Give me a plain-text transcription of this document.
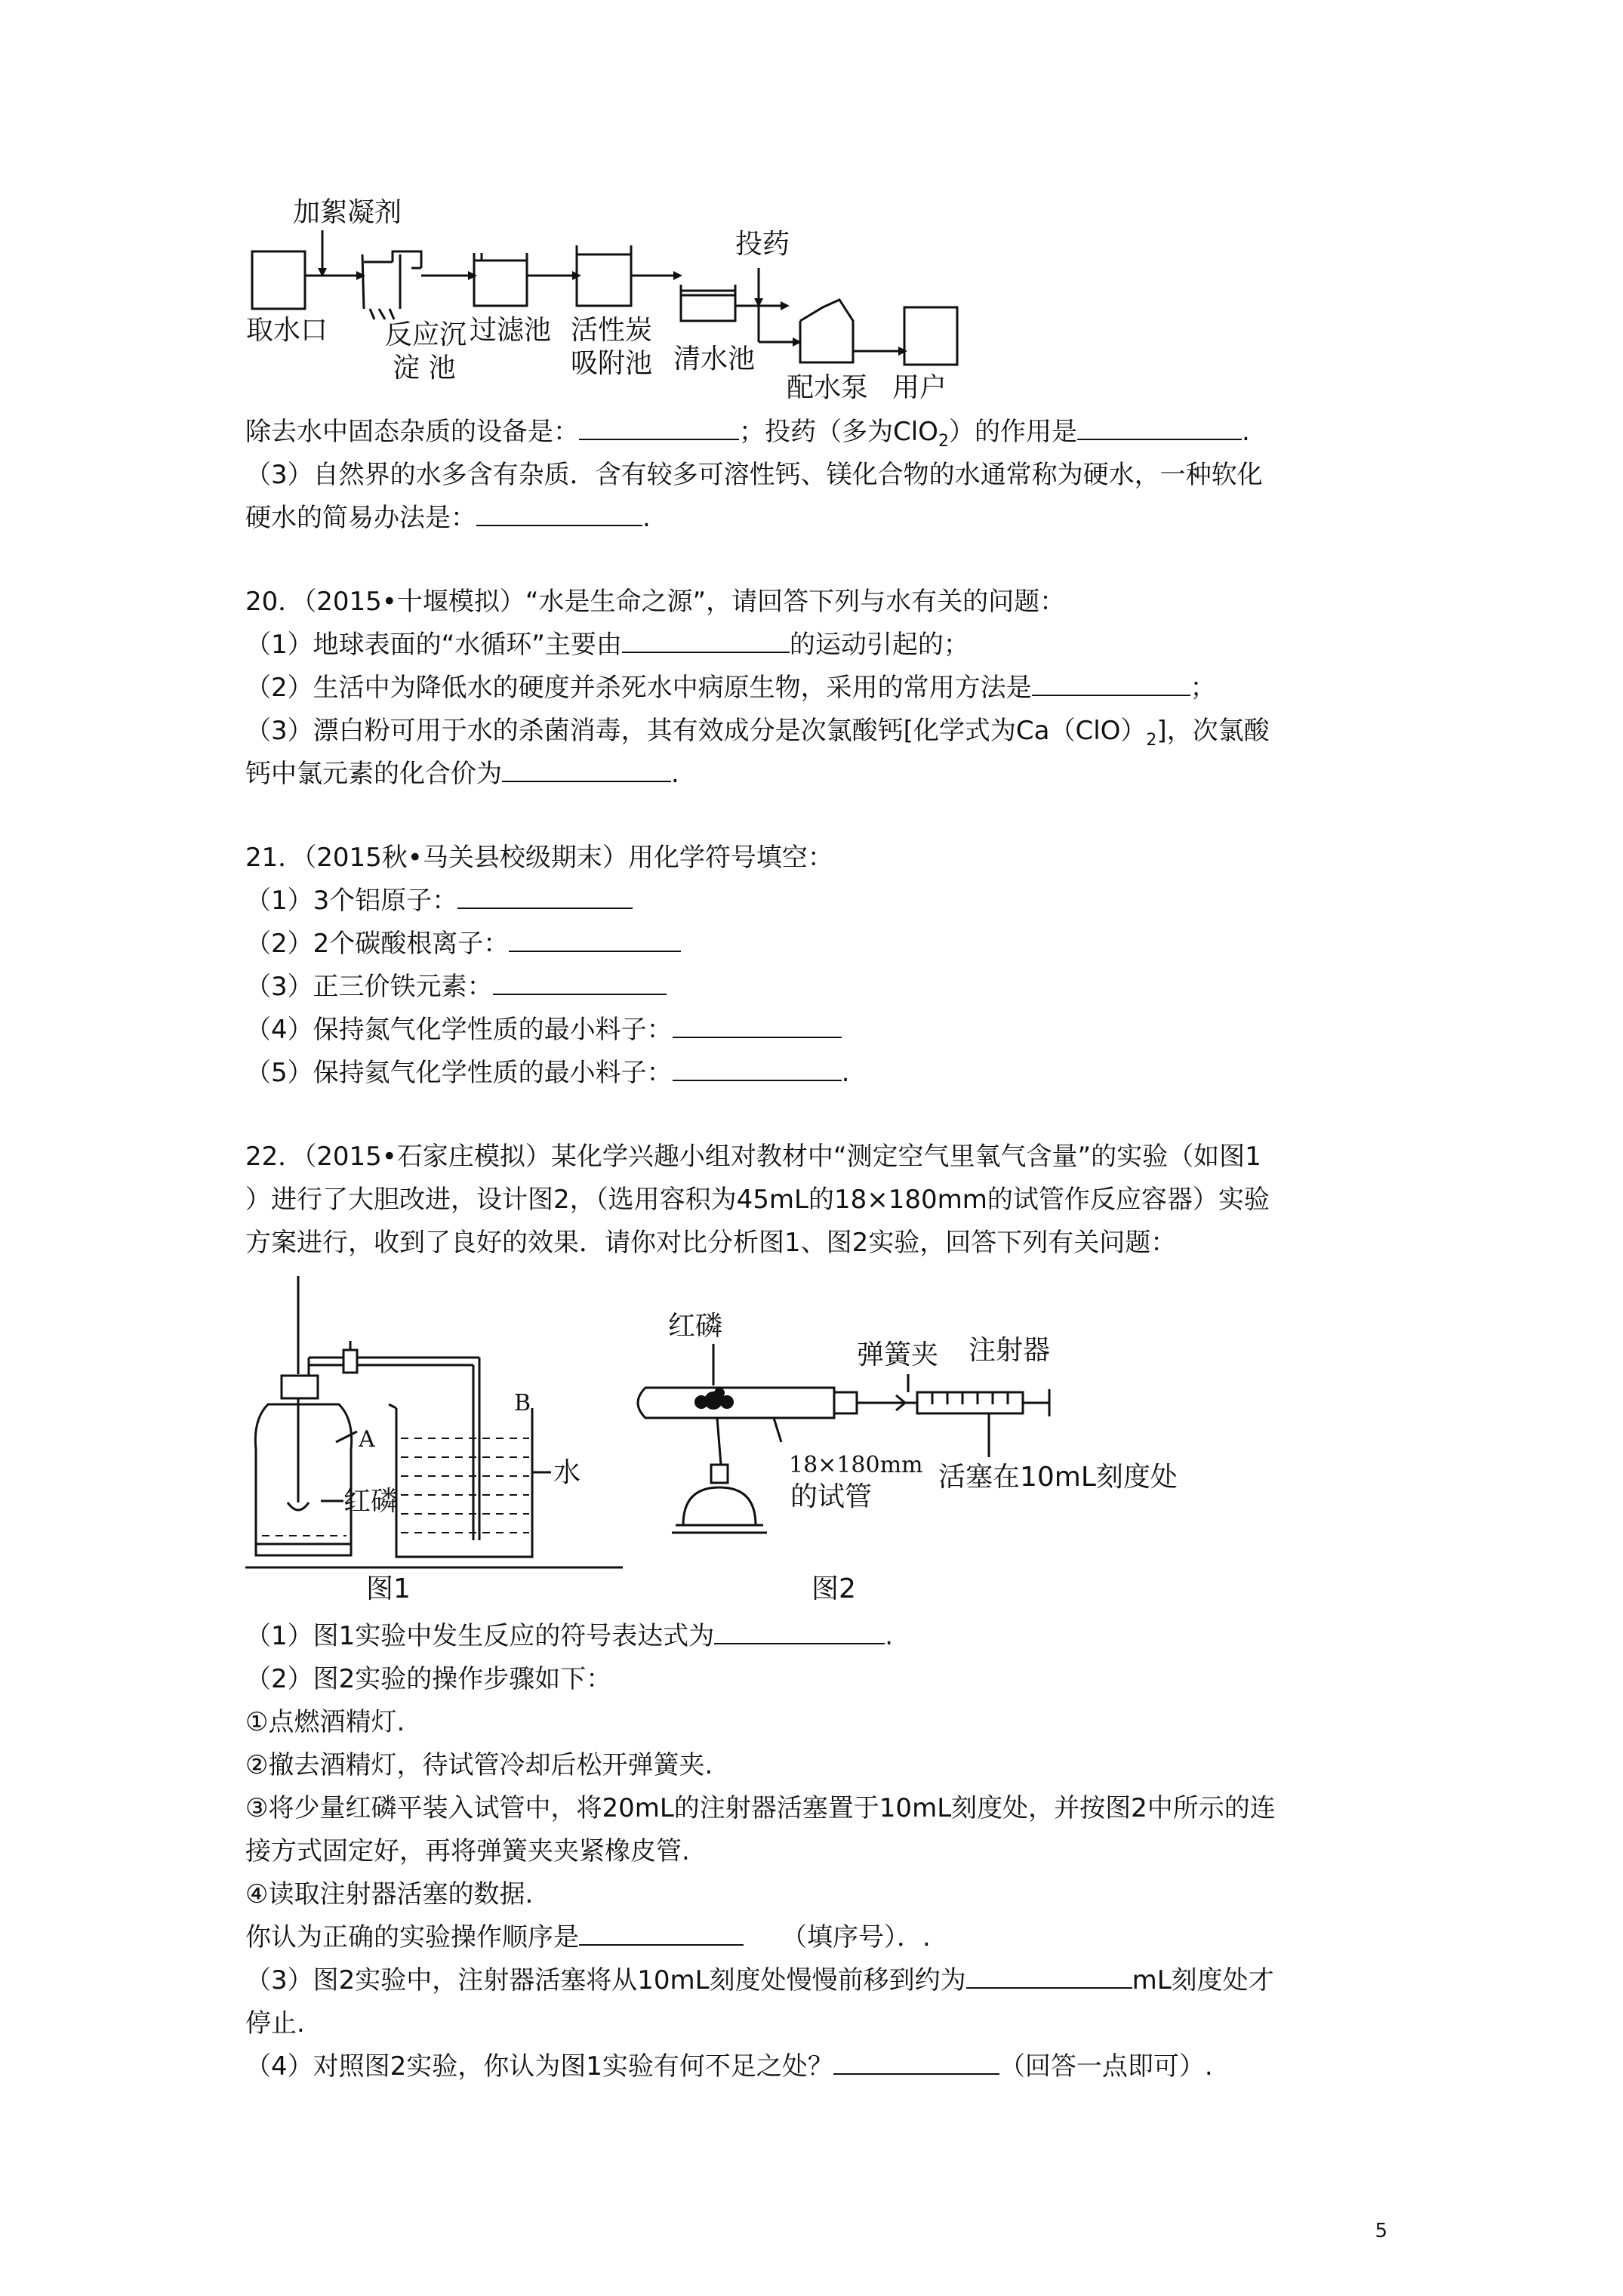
加絮凝剂
投药
取水口 反应沉
淀 池
过滤池 活性炭
吸附池 清水池
配水泵 用户
除去水中固态杂质的设备是：	；投药（多为ClO$_2$）的作用是	.
（3）自然界的水多含有杂质．含有较多可溶性钙、镁化合物的水通常称为硬水，一种软化
硬水的简易办法是：	.
20．（2015•十堰模拟）“水是生命之源”，请回答下列与水有关的问题：
（1）地球表面的“水循环”主要由	的运动引起的；
（2）生活中为降低水的硬度并杀死水中病原生物，采用的常用方法是	；
（3）漂白粉可用于水的杀菌消毒，其有效成分是次氯酸钙[化学式为$Ca(ClO)_2$]，次氯酸
钙中氯元素的化合价为	.
21．（2015秋•马关县校级期末）用化学符号填空：
（1）3个铝原子：
（2）2个碳酸根离子：
（3）正三价铁元素：
（4）保持氮气化学性质的最小料子：
（5）保持氦气化学性质的最小料子：	.
22．（2015•石家庄模拟）某化学兴趣小组对教材中“测定空气里氧气含量”的实验（如图1
）进行了大胆改进，设计图2，（选用容积为45mL的18×180mm的试管作反应容器）实验
方案进行，收到了良好的效果．请你对比分析图1、图2实验，回答下列有关问题：
B
A
红磷
水
图1
红磷
弹簧夹 注射器
18×180mm
的试管
活塞在10mL刻度处
图2
（1）图1实验中发生反应的符号表达式为	.
（2）图2实验的操作步骤如下：
①点燃酒精灯.
②撤去酒精灯，待试管冷却后松开弹簧夹.
③将少量红磷平装入试管中，将20mL的注射器活塞置于10mL刻度处，并按图2中所示的连
接方式固定好，再将弹簧夹夹紧橡皮管.
④读取注射器活塞的数据.
你认为正确的实验操作顺序是	（填序号）．.
（3）图2实验中，注射器活塞将从10mL刻度处慢慢前移到约为	mL刻度处才
停止.
（4）对照图2实验，你认为图1实验有何不足之处？	（回答一点即可）.
5
